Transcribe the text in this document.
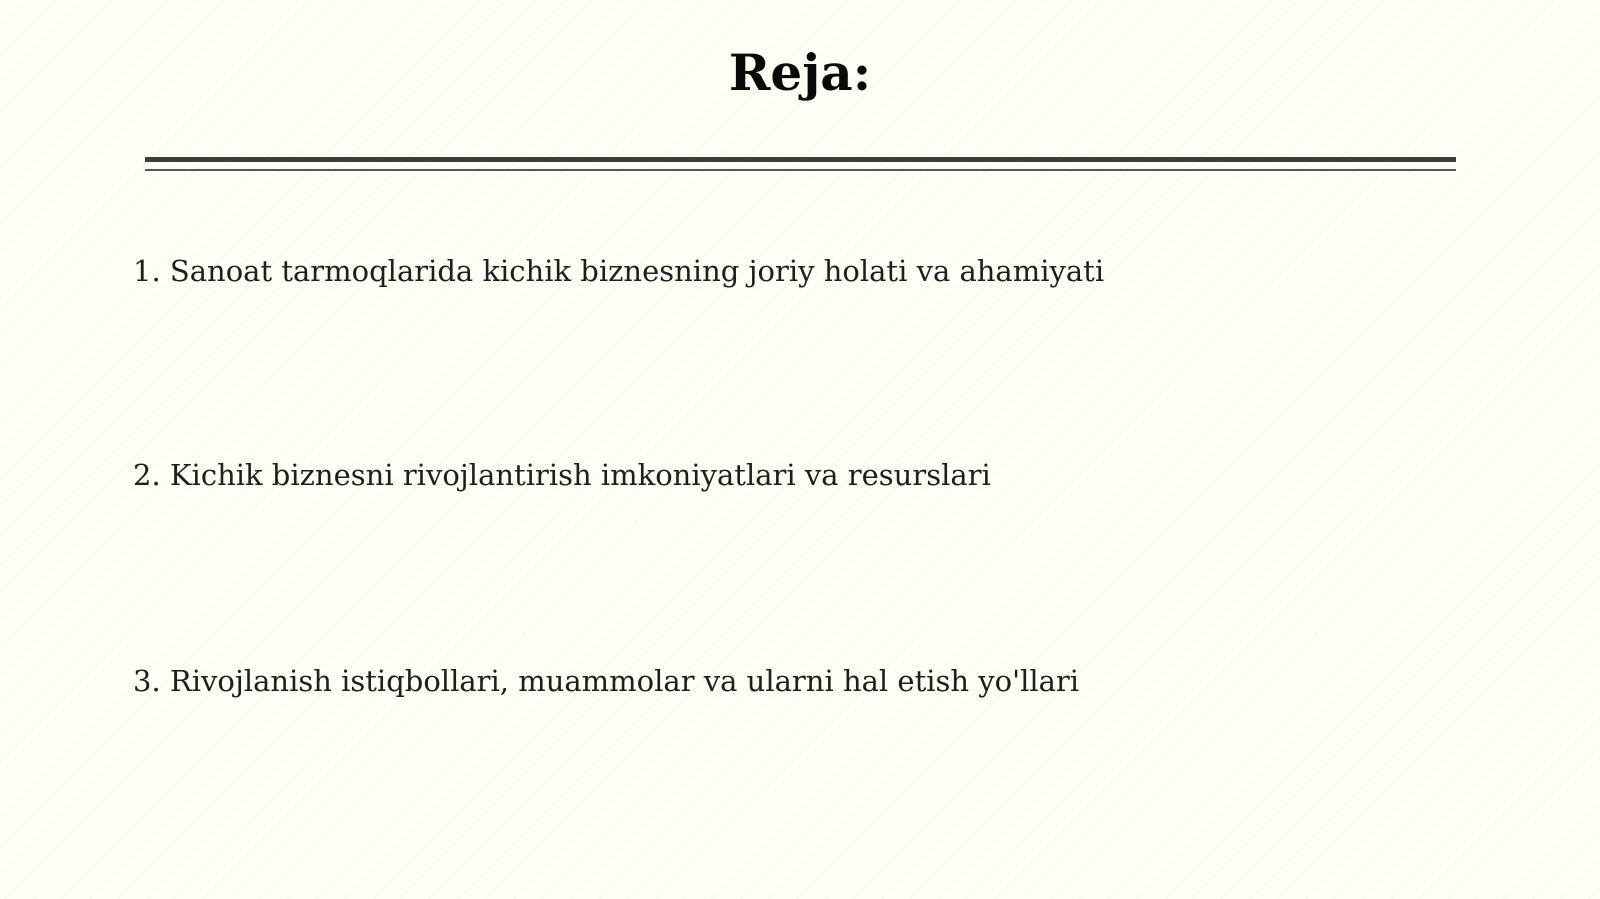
Reja:

1. Sanoat tarmoqlarida kichik biznesning joriy holati va ahamiyati

2. Kichik biznesni rivojlantirish imkoniyatlari va resurslari

3. Rivojlanish istiqbollari, muammolar va ularni hal etish yo'llari
